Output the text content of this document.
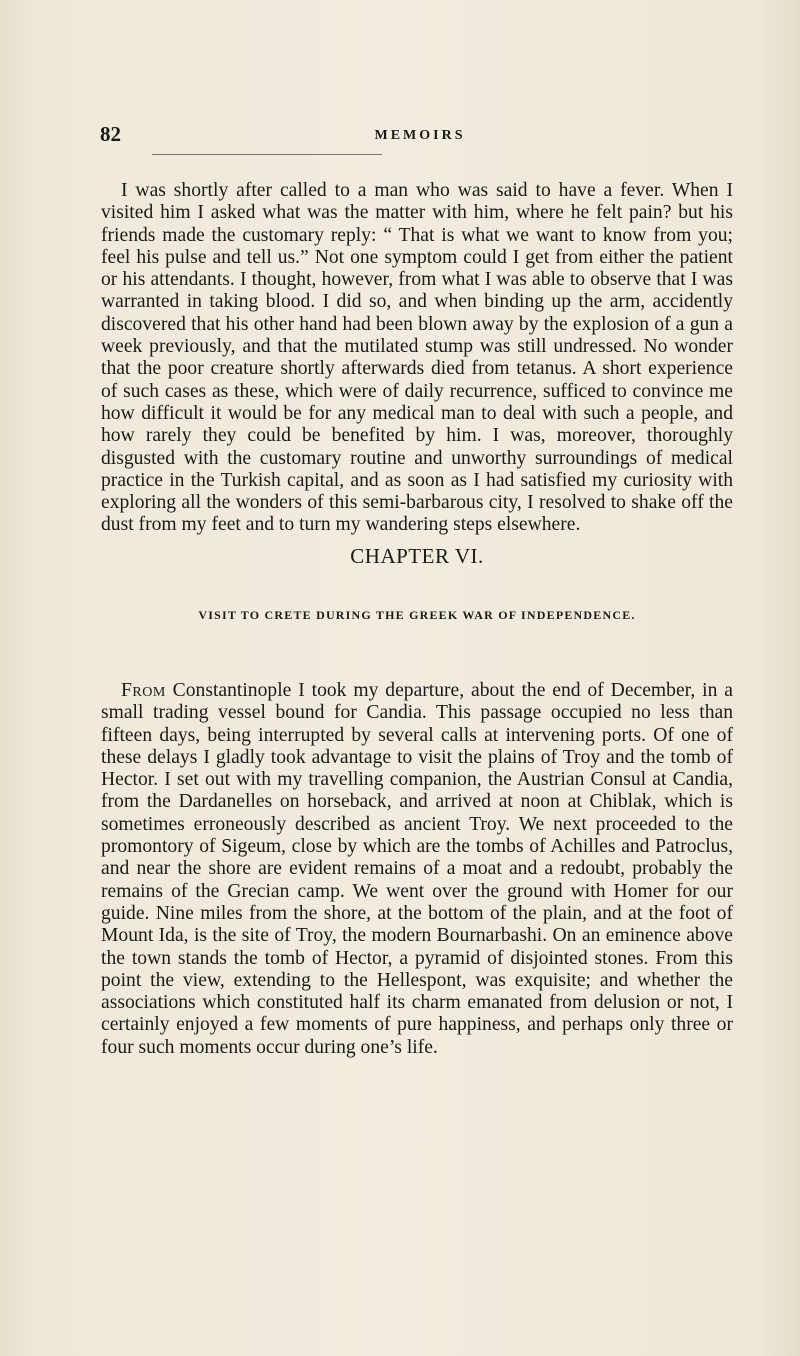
82	MEMOIRS

I was shortly after called to a man who was said to have a fever. When I visited him I asked what was the matter with him, where he felt pain? but his friends made the customary reply: “ That is what we want to know from you; feel his pulse and tell us.” Not one symptom could I get from either the patient or his attendants. I thought, however, from what I was able to observe that I was warranted in taking blood. I did so, and when binding up the arm, accidently discovered that his other hand had been blown away by the explosion of a gun a week previously, and that the mutilated stump was still undressed. No wonder that the poor creature shortly afterwards died from tetanus. A short experience of such cases as these, which were of daily recurrence, sufficed to convince me how difficult it would be for any medical man to deal with such a people, and how rarely they could be benefited by him. I was, moreover, thoroughly disgusted with the customary routine and unworthy surroundings of medical practice in the Turkish capital, and as soon as I had satisfied my curiosity with exploring all the wonders of this semi-barbarous city, I resolved to shake off the dust from my feet and to turn my wandering steps elsewhere.

CHAPTER VI.
VISIT TO CRETE DURING THE GREEK WAR OF INDEPENDENCE.

From Constantinople I took my departure, about the end of December, in a small trading vessel bound for Candia. This passage occupied no less than fifteen days, being interrupted by several calls at intervening ports. Of one of these delays I gladly took advantage to visit the plains of Troy and the tomb of Hector. I set out with my travelling companion, the Austrian Consul at Candia, from the Dardanelles on horseback, and arrived at noon at Chiblak, which is sometimes erroneously described as ancient Troy. We next proceeded to the promontory of Sigeum, close by which are the tombs of Achilles and Patroclus, and near the shore are evident remains of a moat and a redoubt, probably the remains of the Grecian camp. We went over the ground with Homer for our guide. Nine miles from the shore, at the bottom of the plain, and at the foot of Mount Ida, is the site of Troy, the modern Bournarbashi. On an eminence above the town stands the tomb of Hector, a pyramid of disjointed stones. From this point the view, extending to the Hellespont, was exquisite; and whether the associations which constituted half its charm emanated from delusion or not, I certainly enjoyed a few moments of pure happiness, and perhaps only three or four such moments occur during one’s life.
